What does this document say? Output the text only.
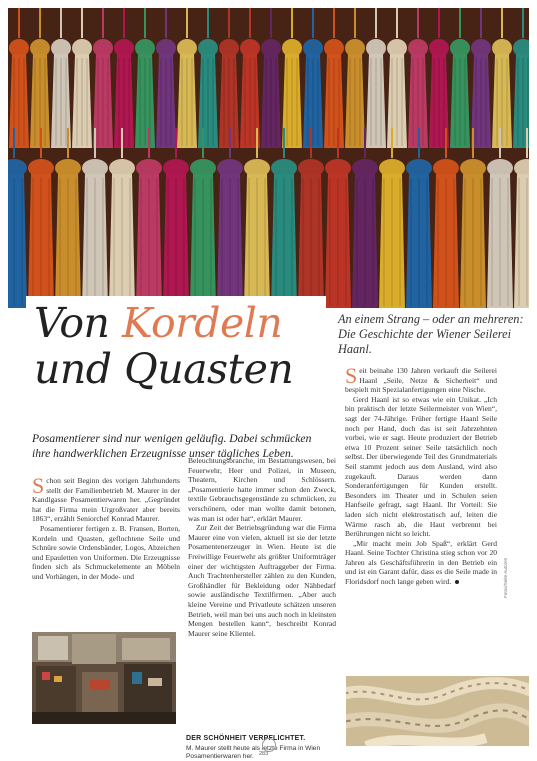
Von Kordeln
und Quasten

An einem Strang – oder an mehreren: Die Geschichte der Wiener Seilerei Haanl.

Posamentierer sind nur wenigen geläufig. Dabei schmücken ihre handwerklichen Erzeugnisse unser tägliches Leben.

Schon seit Beginn des vorigen Jahrhunderts stellt der Familienbetrieb M. Maurer in der Kandlgasse Posamentierwaren her. „Gegründet hat die Firma mein Urgroßvater aber bereits 1863“, erzählt Seniorchef Konrad Maurer.

Posamentierer fertigen z. B. Fransen, Borten, Kordeln und Quasten, geflochtene Seile und Schnüre sowie Ordensbänder, Logos, Abzeichen und Epauletten von Uniformen. Die Erzeugnisse finden sich als Schmuckelemente an Möbeln und Vorhängen, in der Mode- und

Beleuchtungsbranche, im Bestattungswesen, bei Feuerwehr, Heer und Polizei, in Museen, Theatern, Kirchen und Schlössern. „Posamentierie hatte immer schon den Zweck, textile Gebrauchsgegenstände zu schmücken, zu verschönern, oder man wollte damit betonen, was man ist oder hat“, erklärt Maurer.

Zur Zeit der Betriebsgründung war die Firma Maurer eine von vielen, aktuell ist sie der letzte Posamentenerzeuger in Wien. Heute ist die Freiwillige Feuerwehr als größter Uniformträger einer der wichtigsten Auftraggeber der Firma. Auch Trachtenhersteller zählen zu den Kunden, Großhändler für Bekleidung oder Nähbedarf sowie ausländische Textilfirmen. „Aber auch kleine Vereine und Privatleute schätzen unseren Betrieb, weil man bei uns auch noch in kleinsten Mengen bestellen kann“, beschreibt Konrad Maurer seine Klientel.

Seit beinahe 130 Jahren verkauft die Seilerei Haanl „Seile, Netze & Sicherheit“ und bespielt mit Spezialanfertigungen eine Nische.

Gerd Haanl ist so etwas wie ein Unikat. „Ich bin praktisch der letzte Seilermeister von Wien“, sagt der 74-Jährige. Früher fertigte Haanl Seile noch per Hand, doch das ist seit Jahrzehnten vorbei, wie er sagt. Heute produziert der Betrieb etwa 10 Prozent seiner Seile tatsächlich noch selbst. Der überwiegende Teil des Grundmaterials Seil stammt jedoch aus dem Ausland, wird also zugekauft. Daraus werden dann Sonderanfertigungen für Kunden erstellt. Besonders im Theater und in Schulen seien Hanfseile gefragt, sagt Haanl. Ihr Vorteil: Sie laden sich nicht elektrostatisch auf, leiten die Wärme rasch ab, die Haut verbrennt bei Berührungen nicht so leicht.

„Mir macht mein Job Spaß“, erklärt Gerd Haanl. Seine Tochter Christina stieg schon vor 20 Jahren als Geschäftsführerin in den Betrieb ein und ist ein Garant dafür, dass es die Seile made in Floridsdorf noch lange geben wird.

DER SCHÖNHEIT VERPFLICHTET.

M. Maurer stellt heute als letzte Firma in Wien Posamentierwaren her.

Fotos/Seite Autoren

283
